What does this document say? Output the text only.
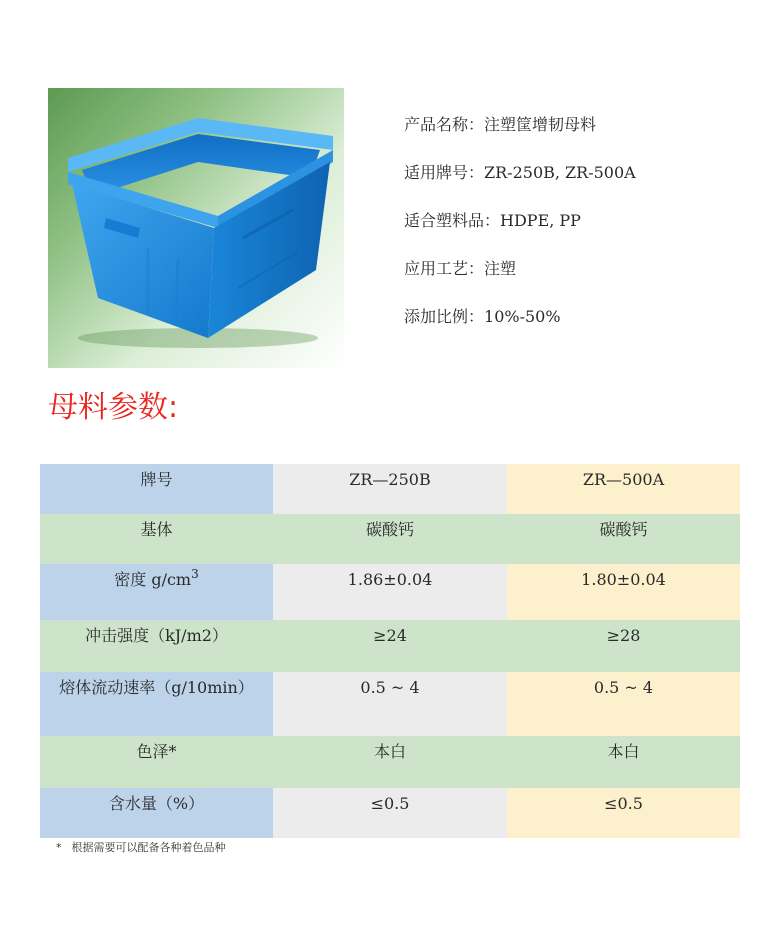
产品名称：注塑筐增韧母料
适用牌号：ZR-250B, ZR-500A
适合塑料品：HDPE, PP
应用工艺：注塑
添加比例：10%-50%
母料参数:
牌号	ZR—250B	ZR—500A

基体	碳酸钙	碳酸钙

密度 $g/cm^3$	1.86±0.04	1.80±0.04

冲击强度（kJ/m2）	≥24	≥28

熔体流动速率（g/10min）	0.5 ~ 4	0.5 ~ 4

色泽*	本白	本白

含水量（%）	≤0.5	≤0.5
* 根据需要可以配备各种着色品种
